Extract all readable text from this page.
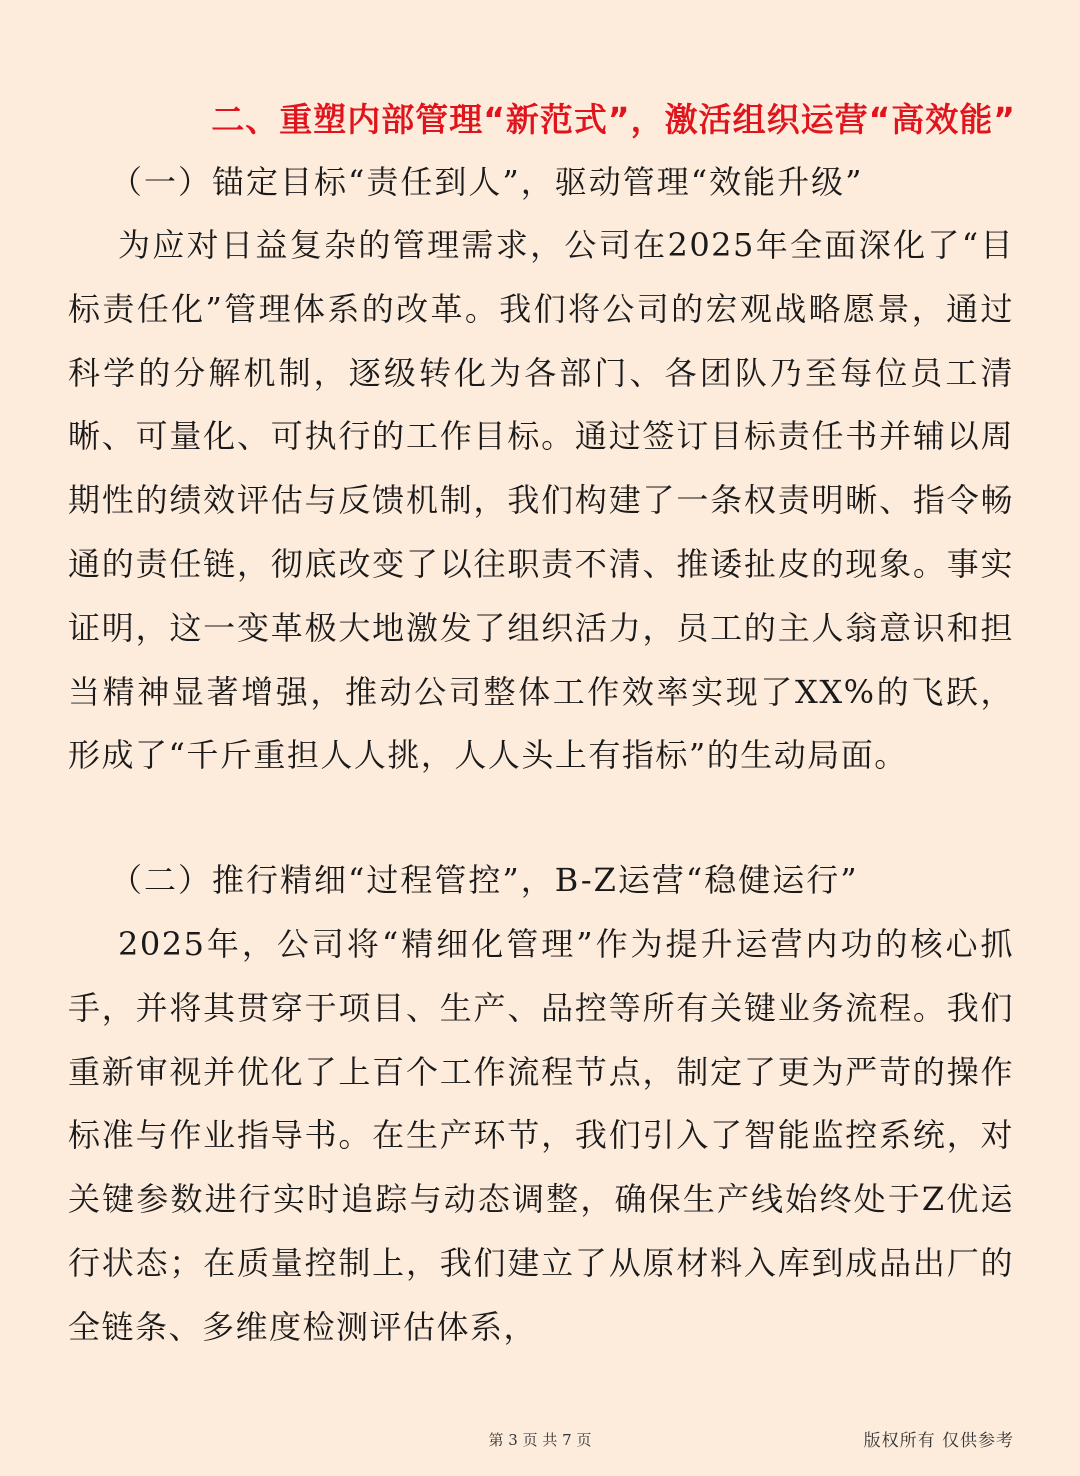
二、重塑内部管理“新范式”，激活组织运营“高效能”
（一）锚定目标“责任到人”，驱动管理“效能升级”

为应对日益复杂的管理需求，公司在2025年全面深化了“目标责任化”管理体系的改革。我们将公司的宏观战略愿景，通过科学的分解机制，逐级转化为各部门、各团队乃至每位员工清晰、可量化、可执行的工作目标。通过签订目标责任书并辅以周期性的绩效评估与反馈机制，我们构建了一条权责明晰、指令畅通的责任链，彻底改变了以往职责不清、推诿扯皮的现象。事实证明，这一变革极大地激发了组织活力，员工的主人翁意识和担当精神显著增强，推动公司整体工作效率实现了XX%的飞跃，形成了“千斤重担人人挑，人人头上有指标”的生动局面。

（二）推行精细“过程管控”，B-Z运营“稳健运行”

2025年，公司将“精细化管理”作为提升运营内功的核心抓手，并将其贯穿于项目、生产、品控等所有关键业务流程。我们重新审视并优化了上百个工作流程节点，制定了更为严苛的操作标准与作业指导书。在生产环节，我们引入了智能监控系统，对关键参数进行实时追踪与动态调整，确保生产线始终处于Z优运行状态；在质量控制上，我们建立了从原材料入库到成品出厂的全链条、多维度检测评估体系，

第 3 页 共 7 页	版权所有 仅供参考
